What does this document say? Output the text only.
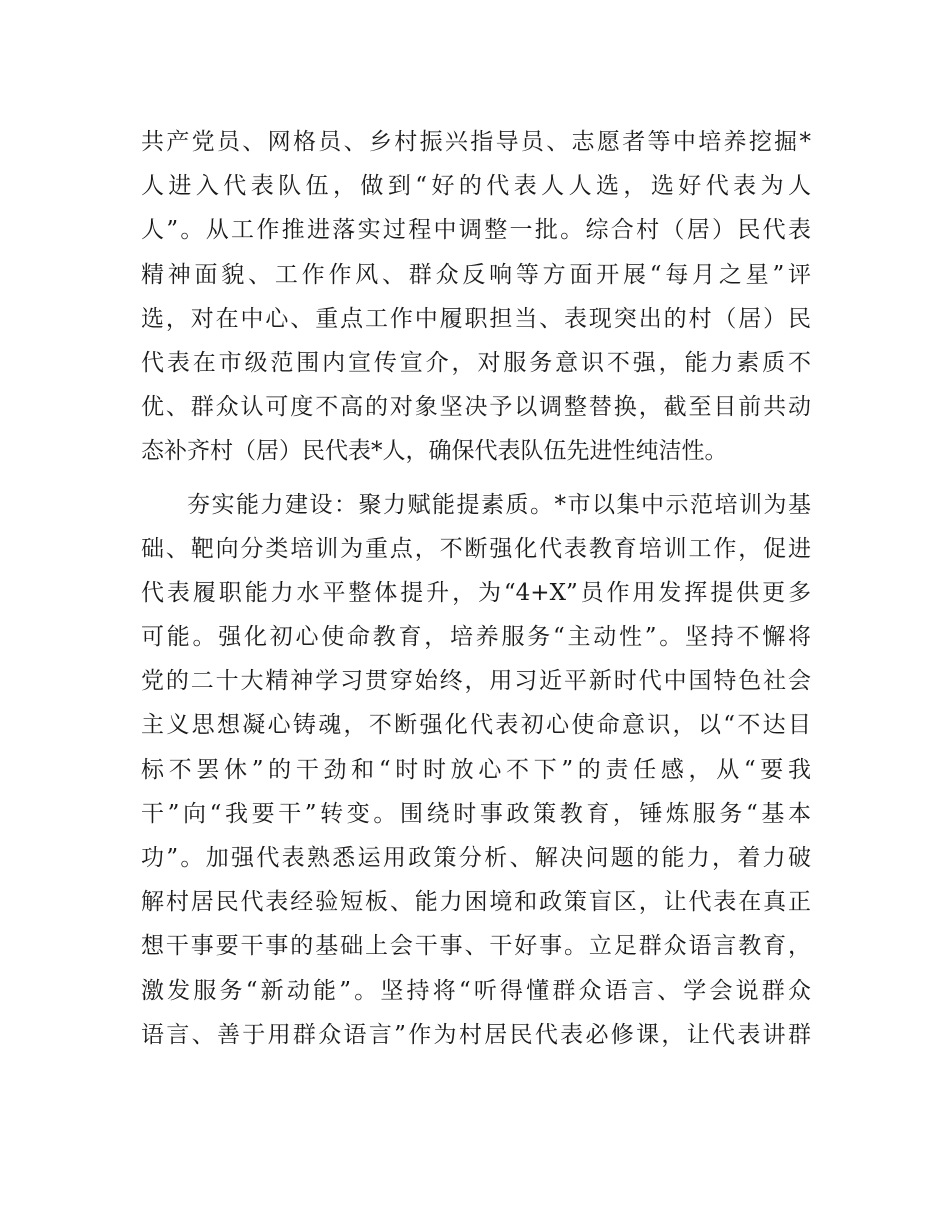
共产党员、网格员、乡村振兴指导员、志愿者等中培养挖掘*
人进入代表队伍，做到“好的代表人人选，选好代表为人
人”。从工作推进落实过程中调整一批。综合村（居）民代表
精神面貌、工作作风、群众反响等方面开展“每月之星”评
选，对在中心、重点工作中履职担当、表现突出的村（居）民
代表在市级范围内宣传宣介，对服务意识不强，能力素质不
优、群众认可度不高的对象坚决予以调整替换，截至目前共动
态补齐村（居）民代表*人，确保代表队伍先进性纯洁性。
夯实能力建设：聚力赋能提素质。*市以集中示范培训为基
础、靶向分类培训为重点，不断强化代表教育培训工作，促进
代表履职能力水平整体提升，为“4+X”员作用发挥提供更多
可能。强化初心使命教育，培养服务“主动性”。坚持不懈将
党的二十大精神学习贯穿始终，用习近平新时代中国特色社会
主义思想凝心铸魂，不断强化代表初心使命意识，以“不达目
标不罢休”的干劲和“时时放心不下”的责任感，从“要我
干”向“我要干”转变。围绕时事政策教育，锤炼服务“基本
功”。加强代表熟悉运用政策分析、解决问题的能力，着力破
解村居民代表经验短板、能力困境和政策盲区，让代表在真正
想干事要干事的基础上会干事、干好事。立足群众语言教育，
激发服务“新动能”。坚持将“听得懂群众语言、学会说群众
语言、善于用群众语言”作为村居民代表必修课，让代表讲群
